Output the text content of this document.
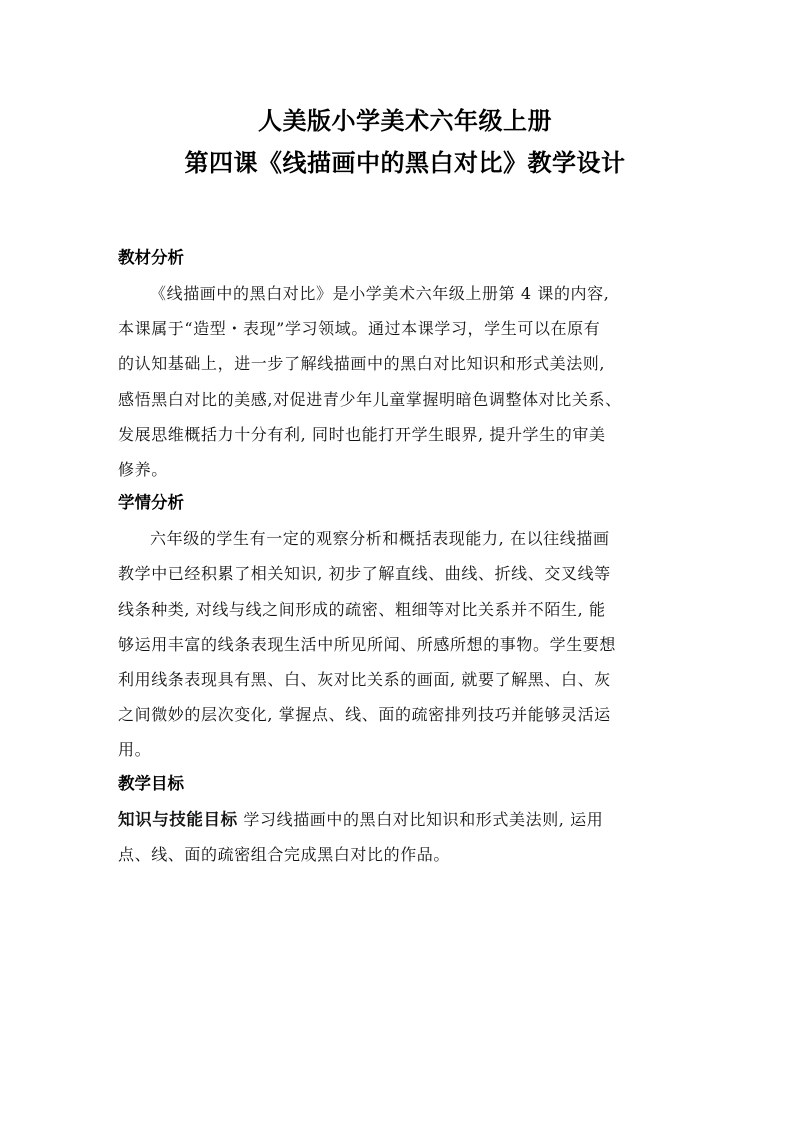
人美版小学美术六年级上册
第四课《线描画中的黑白对比》教学设计
教材分析
《线描画中的黑白对比》是小学美术六年级上册第 4 课的内容,
本课属于“造型・表现”学习领域。通过本课学习，学生可以在原有
的认知基础上，进一步了解线描画中的黑白对比知识和形式美法则,
感悟黑白对比的美感,对促进青少年儿童掌握明暗色调整体对比关系、
发展思维概括力十分有利, 同时也能打开学生眼界, 提升学生的审美
修养。
学情分析
六年级的学生有一定的观察分析和概括表现能力, 在以往线描画
教学中已经积累了相关知识, 初步了解直线、曲线、折线、交叉线等
线条种类, 对线与线之间形成的疏密、粗细等对比关系并不陌生, 能
够运用丰富的线条表现生活中所见所闻、所感所想的事物。学生要想
利用线条表现具有黑、白、灰对比关系的画面, 就要了解黑、白、灰
之间微妙的层次变化, 掌握点、线、面的疏密排列技巧并能够灵活运
用。
教学目标
知识与技能目标 学习线描画中的黑白对比知识和形式美法则, 运用
点、线、面的疏密组合完成黑白对比的作品。
